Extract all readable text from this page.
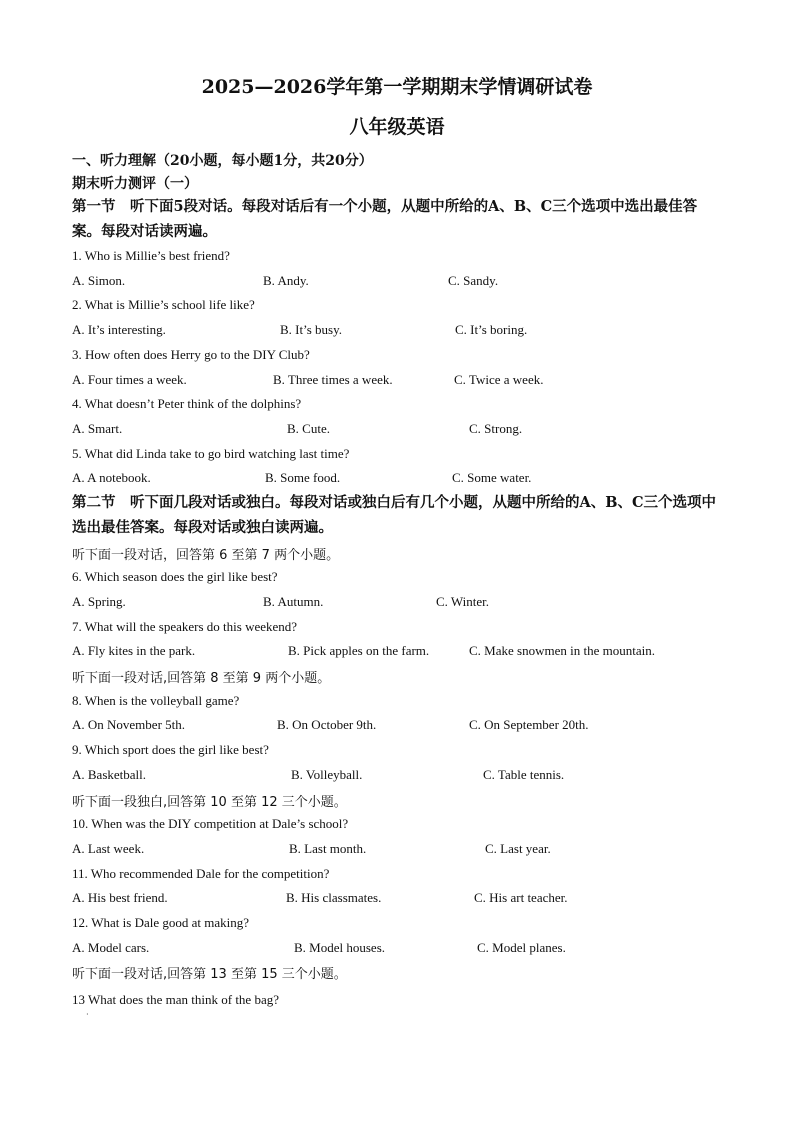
2025—2026学年第一学期期末学情调研试卷
八年级英语
一、听力理解（20小题，每小题1分，共20分）
期末听力测评（一）
第一节　听下面5段对话。每段对话后有一个小题，从题中所给的A、B、C三个选项中选出最佳答案。每段对话读两遍。
1. Who is Millie’s best friend?
A. Simon.	B. Andy.	C. Sandy.
2. What is Millie’s school life like?
A. It’s interesting.	B. It’s busy.	C. It’s boring.
3. How often does Herry go to the DIY Club?
A. Four times a week.	B. Three times a week.	C. Twice a week.
4. What doesn’t Peter think of the dolphins?
A. Smart.	B. Cute.	C. Strong.
5. What did Linda take to go bird watching last time?
A. A notebook.	B. Some food.	C. Some water.
第二节　听下面几段对话或独白。每段对话或独白后有几个小题，从题中所给的A、B、C三个选项中选出最佳答案。每段对话或独白读两遍。
听下面一段对话，回答第 6 至第 7 两个小题。
6. Which season does the girl like best?
A. Spring.	B. Autumn.	C. Winter.
7. What will the speakers do this weekend?
A. Fly kites in the park.	B. Pick apples on the farm.	C. Make snowmen in the mountain.
听下面一段对话,回答第 8 至第 9 两个小题。
8. When is the volleyball game?
A. On November 5th.	B. On October 9th.	C. On September 20th.
9. Which sport does the girl like best?
A. Basketball.	B. Volleyball.	C. Table tennis.
听下面一段独白,回答第 10 至第 12 三个小题。
10. When was the DIY competition at Dale’s school?
A. Last week.	B. Last month.	C. Last year.
11. Who recommended Dale for the competition?
A. His best friend.	B. His classmates.	C. His art teacher.
12. What is Dale good at making?
A. Model cars.	B. Model houses.	C. Model planes.
听下面一段对话,回答第 13 至第 15 三个小题。
13 What does the man think of the bag?
·
